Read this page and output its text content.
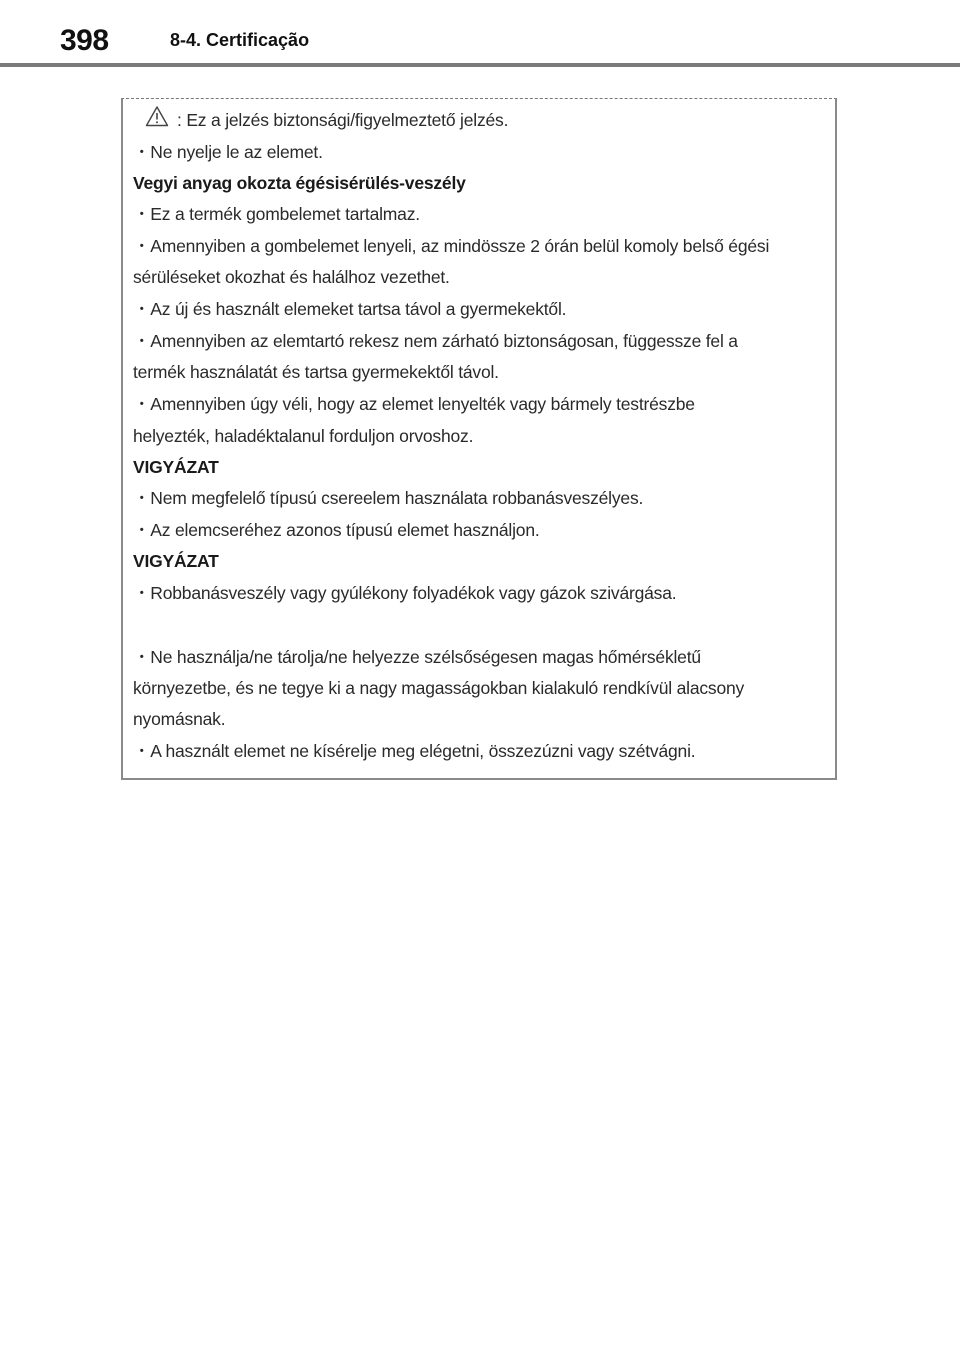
398	8-4. Certificação
: Ez a jelzés biztonsági/figyelmeztető jelzés.
・Ne nyelje le az elemet.
Vegyi anyag okozta égésisérülés-veszély
・Ez a termék gombelemet tartalmaz.
・Amennyiben a gombelemet lenyeli, az mindössze 2 órán belül komoly belső égési
sérüléseket okozhat és halálhoz vezethet.
・Az új és használt elemeket tartsa távol a gyermekektől.
・Amennyiben az elemtartó rekesz nem zárható biztonságosan, függessze fel a
termék használatát és tartsa gyermekektől távol.
・Amennyiben úgy véli, hogy az elemet lenyelték vagy bármely testrészbe
helyezték, haladéktalanul forduljon orvoshoz.
VIGYÁZAT
・Nem megfelelő típusú csereelem használata robbanásveszélyes.
・Az elemcseréhez azonos típusú elemet használjon.
VIGYÁZAT
・Robbanásveszély vagy gyúlékony folyadékok vagy gázok szivárgása.
・Ne használja/ne tárolja/ne helyezze szélsőségesen magas hőmérsékletű
környezetbe, és ne tegye ki a nagy magasságokban kialakuló rendkívül alacsony
nyomásnak.
・A használt elemet ne kísérelje meg elégetni, összezúzni vagy szétvágni.
